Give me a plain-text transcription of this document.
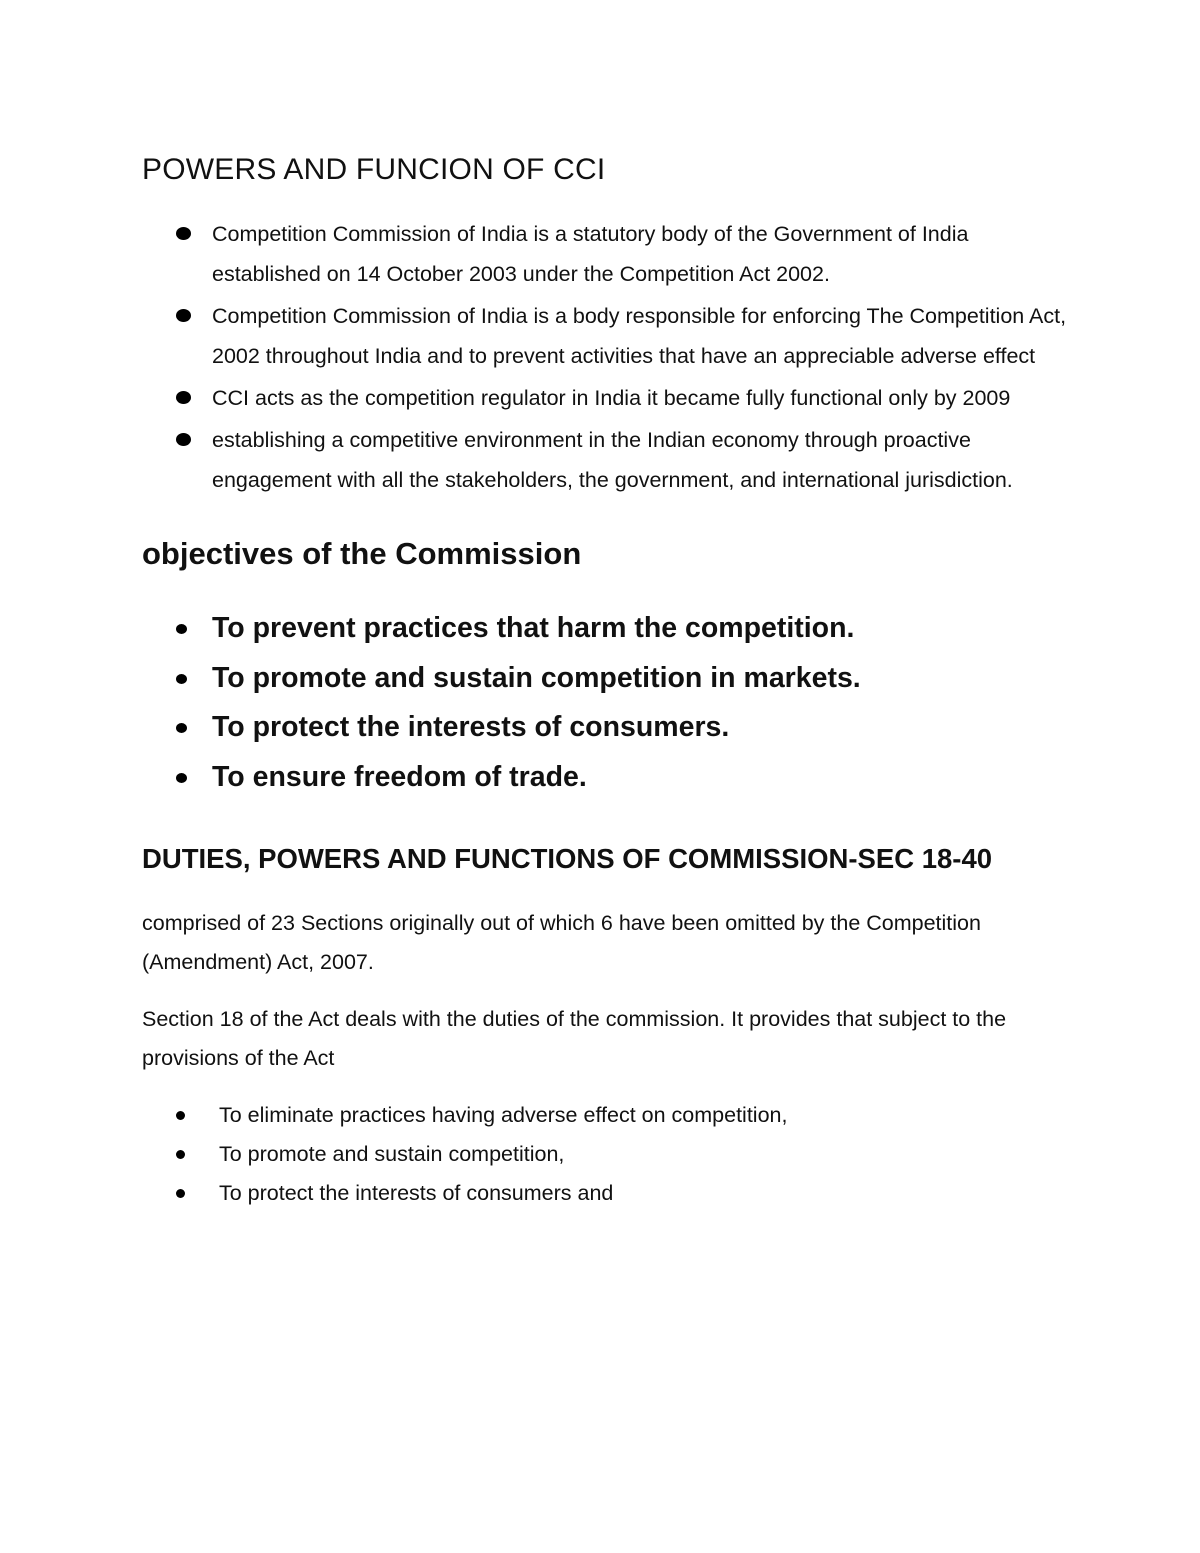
POWERS AND FUNCION OF CCI
Competition Commission of India is a statutory body of the Government of India established on 14 October 2003 under the Competition Act 2002.
Competition Commission of India is a body responsible for enforcing The Competition Act, 2002 throughout India and to prevent activities that have an appreciable adverse effect
CCI acts as the competition regulator in India it became fully functional only by 2009
establishing a competitive environment in the Indian economy through proactive engagement with all the stakeholders, the government, and international jurisdiction.
objectives of the Commission
To prevent practices that harm the competition.
To promote and sustain competition in markets.
To protect the interests of consumers.
To ensure freedom of trade.
DUTIES, POWERS AND FUNCTIONS OF COMMISSION-SEC 18-40

comprised of 23 Sections originally out of which 6 have been omitted by the Competition (Amendment) Act, 2007.

Section 18 of the Act deals with the duties of the commission. It provides that subject to the provisions of the Act

To eliminate practices having adverse effect on competition,
To promote and sustain competition,
To protect the interests of consumers and
